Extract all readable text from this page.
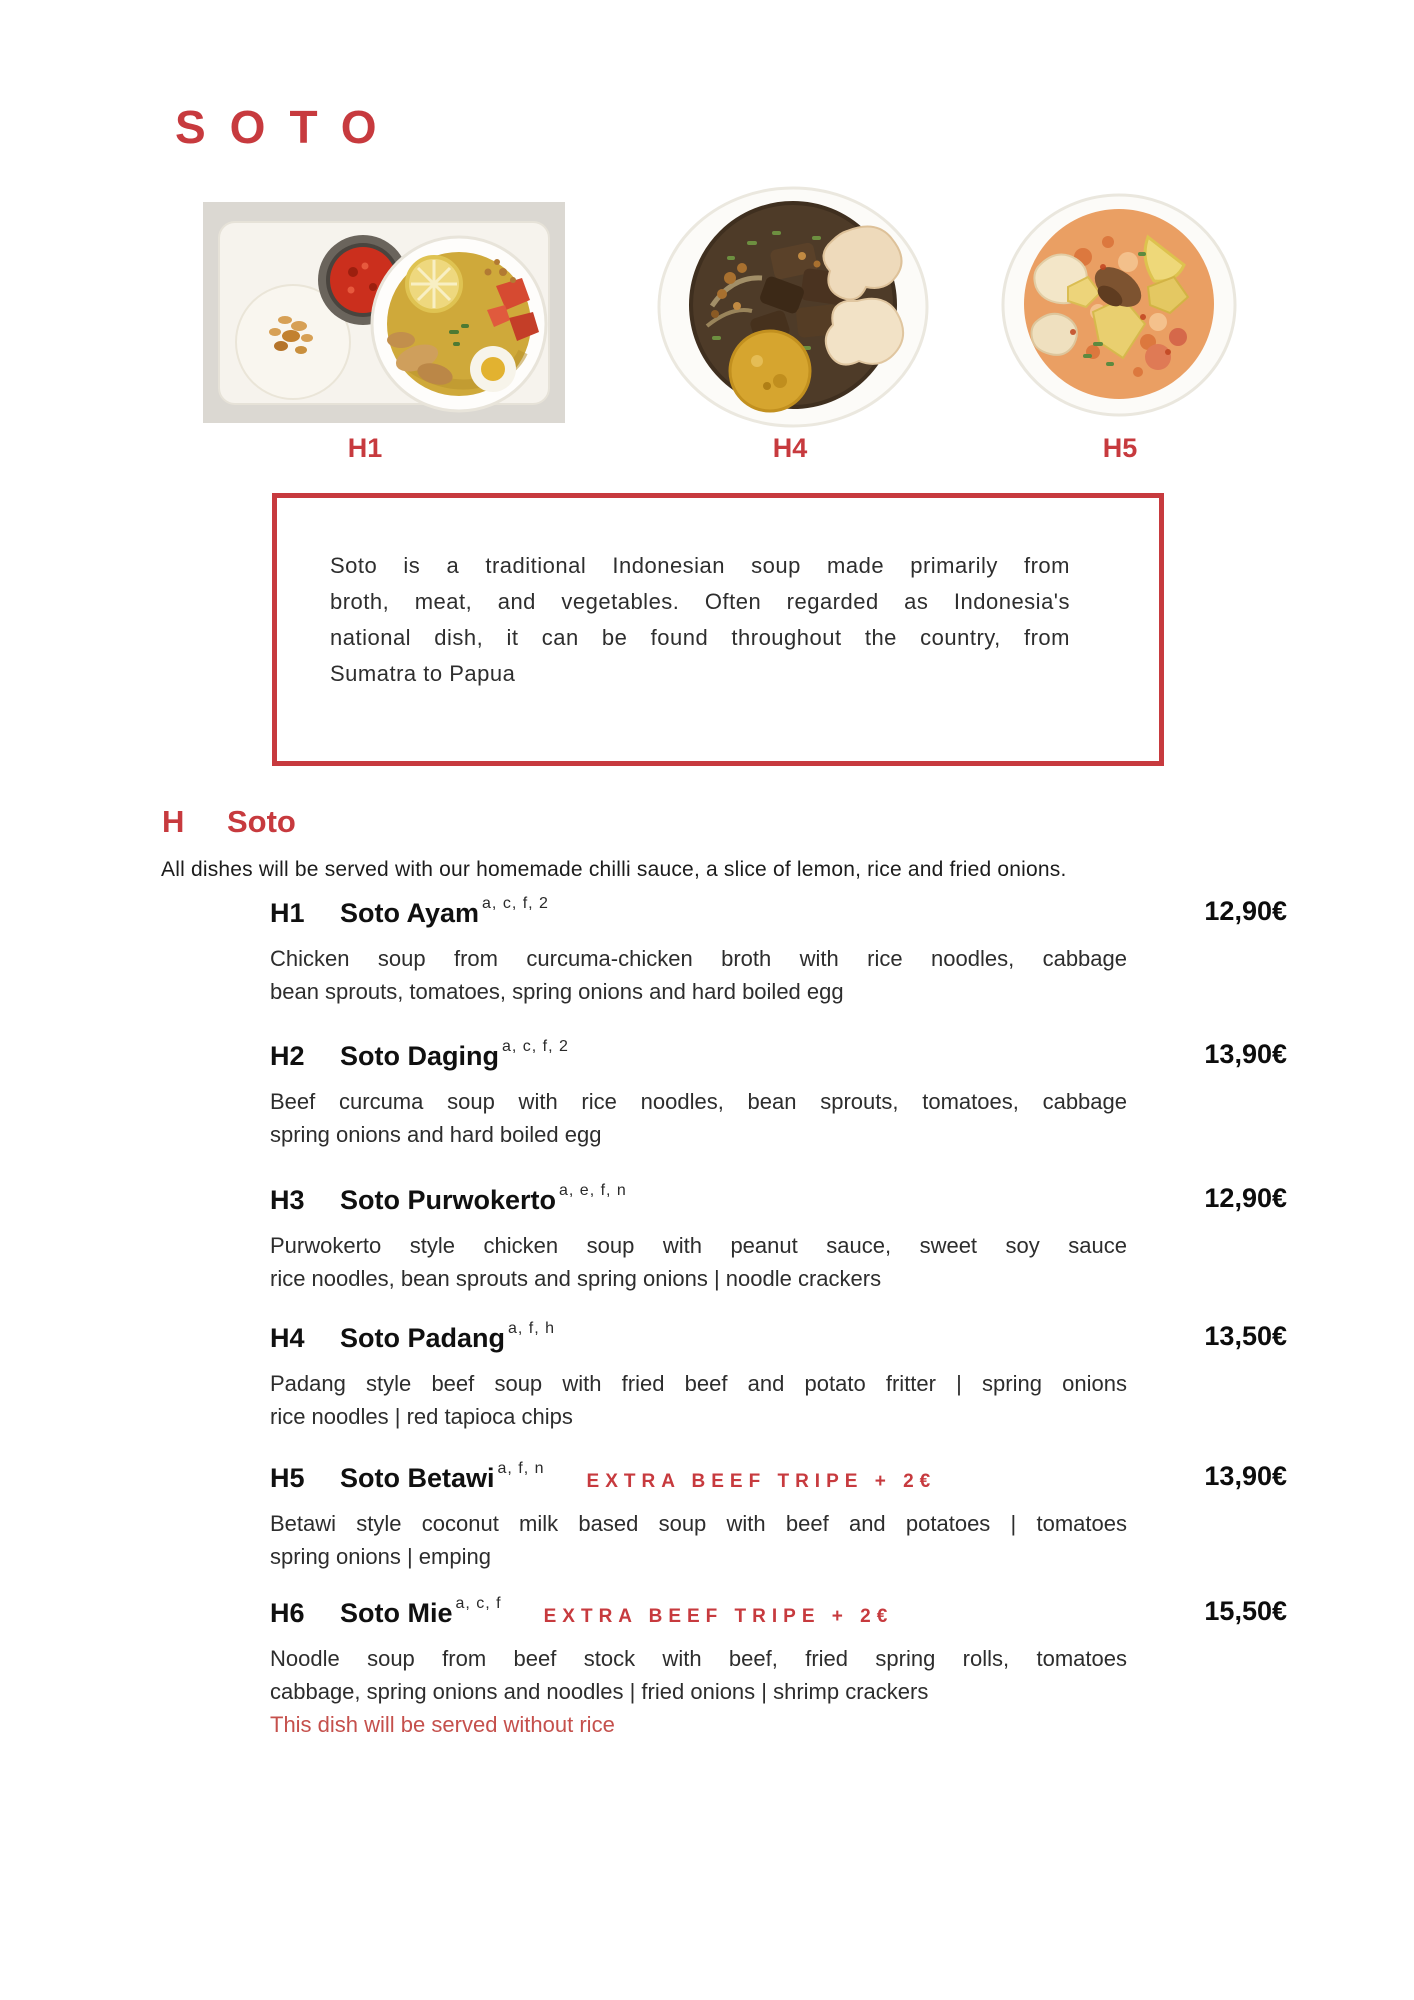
SOTO
H1	H4	H5
Soto is a traditional Indonesian soup made primarily from
broth, meat, and vegetables. Often regarded as Indonesia's
national dish, it can be found throughout the country, from
Sumatra to Papua
H Soto
All dishes will be served with our homemade chilli sauce, a slice of lemon, rice and fried onions.
H1 Soto Ayam a, c, f, 2	12,90€
Chicken soup from curcuma-chicken broth with rice noodles, cabbage
bean sprouts, tomatoes, spring onions and hard boiled egg
H2 Soto Daging a, c, f, 2	13,90€
Beef curcuma soup with rice noodles, bean sprouts, tomatoes, cabbage
spring onions and hard boiled egg
H3 Soto Purwokerto a, e, f, n	12,90€
Purwokerto style chicken soup with peanut sauce, sweet soy sauce
rice noodles, bean sprouts and spring onions | noodle crackers
H4 Soto Padang a, f, h	13,50€
Padang style beef soup with fried beef and potato fritter | spring onions
rice noodles | red tapioca chips
H5 Soto Betawi a, f, nEXTRA BEEF TRIPE + 2€	13,90€
Betawi style coconut milk based soup with beef and potatoes | tomatoes
spring onions | emping
H6 Soto Mie a, c, fEXTRA BEEF TRIPE + 2€	15,50€
Noodle soup from beef stock with beef, fried spring rolls, tomatoes
cabbage, spring onions and noodles | fried onions | shrimp crackers
This dish will be served without rice
